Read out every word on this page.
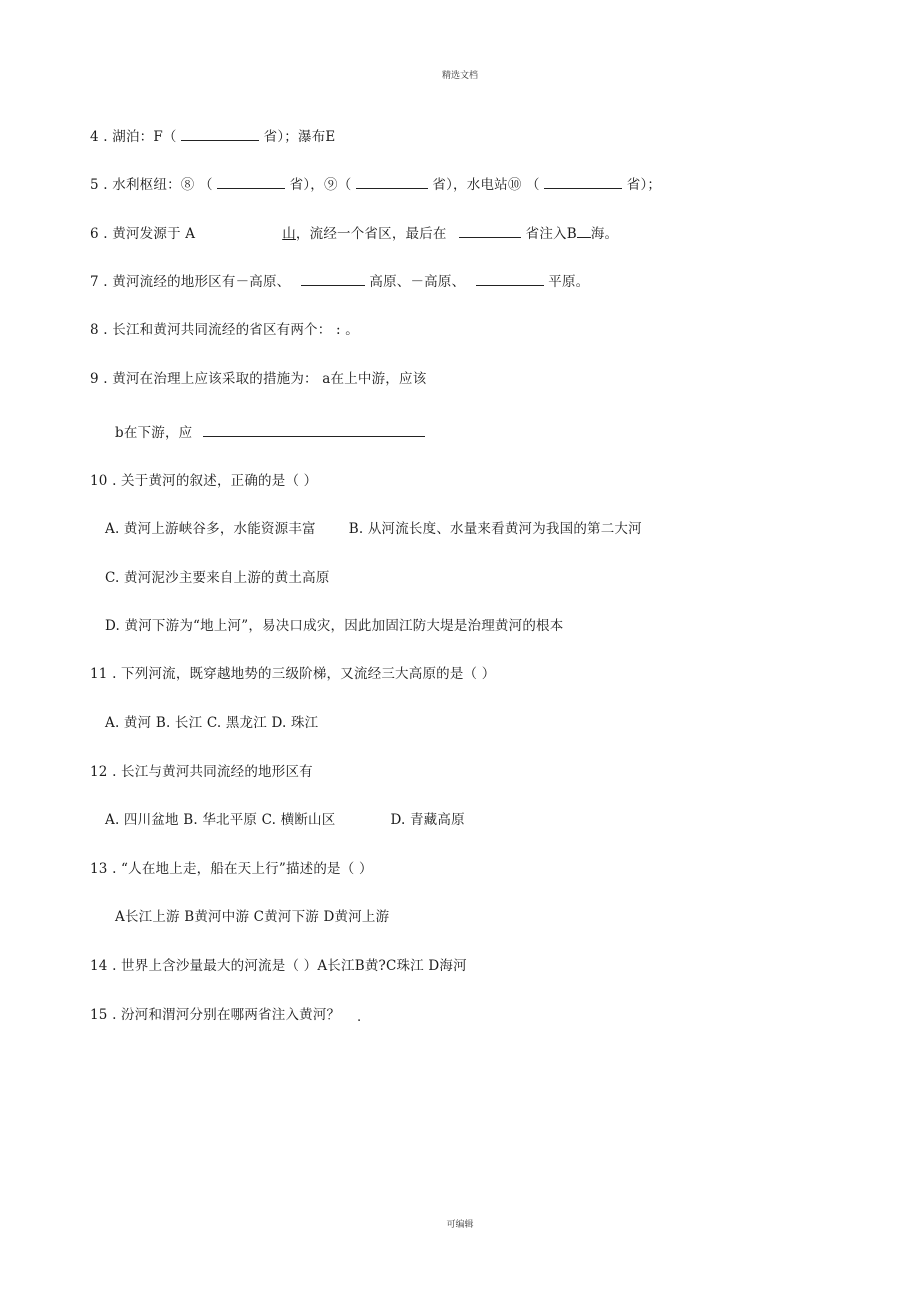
精选文档
4 . 湖泊：F（	省）；瀑布E
5 . 水利枢纽：⑧ （	省），⑨（	省），水电站⑩ （	省）；
6 . 黄河发源于 A	山，流经一个省区，最后在	省注入B 海。
7 . 黄河流经的地形区有－高原、	高原、－高原、	平原。
8 . 长江和黄河共同流经的省区有两个： : 。
9 . 黄河在治理上应该采取的措施为： a在上中游，应该
b在下游，应
10 . 关于黄河的叙述，正确的是（ ）
A. 黄河上游峡谷多，水能资源丰富 B. 从河流长度、水量来看黄河为我国的第二大河
C. 黄河泥沙主要来自上游的黄土高原
D. 黄河下游为“地上河”，易决口成灾，因此加固江防大堤是治理黄河的根本
11 . 下列河流，既穿越地势的三级阶梯，又流经三大高原的是（ ）
A. 黄河 B. 长江 C. 黑龙江 D. 珠江
12 . 长江与黄河共同流经的地形区有
A. 四川盆地 B. 华北平原 C. 横断山区	D. 青藏高原
13 . “人在地上走，船在天上行”描述的是（ ）
A长江上游 B黄河中游 C黄河下游 D黄河上游
14 . 世界上含沙量最大的河流是（ ）A长江B黄?C珠江 D海河
15 . 汾河和渭河分别在哪两省注入黄河？ .
可编辑
